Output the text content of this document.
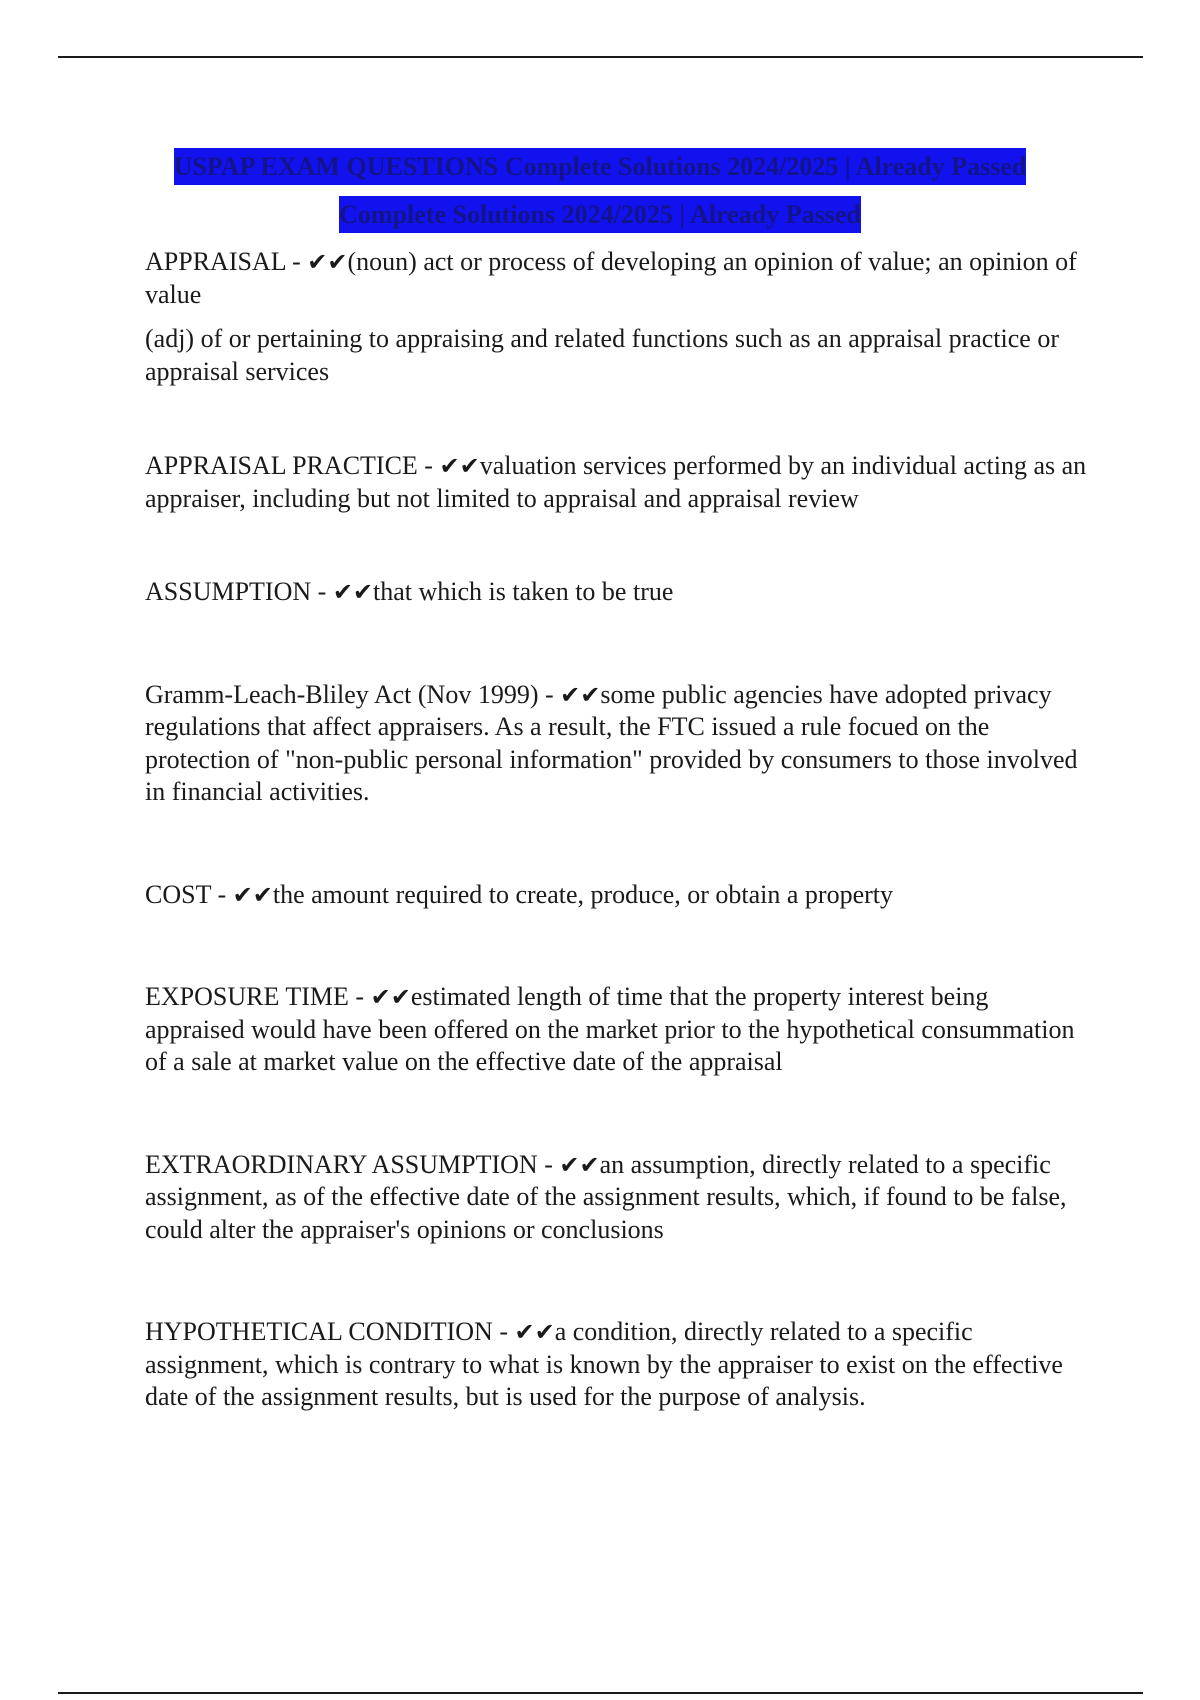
USPAP EXAM QUESTIONS Complete Solutions 2024/2025 | Already Passed
Complete Solutions 2024/2025 | Already Passed

APPRAISAL - ✔✔(noun) act or process of developing an opinion of value; an opinion of value

(adj) of or pertaining to appraising and related functions such as an appraisal practice or appraisal services

APPRAISAL PRACTICE - ✔✔valuation services performed by an individual acting as an appraiser, including but not limited to appraisal and appraisal review

ASSUMPTION - ✔✔that which is taken to be true

Gramm-Leach-Bliley Act (Nov 1999) - ✔✔some public agencies have adopted privacy regulations that affect appraisers. As a result, the FTC issued a rule focued on the protection of "non-public personal information" provided by consumers to those involved in financial activities.

COST - ✔✔the amount required to create, produce, or obtain a property

EXPOSURE TIME - ✔✔estimated length of time that the property interest being appraised would have been offered on the market prior to the hypothetical consummation of a sale at market value on the effective date of the appraisal

EXTRAORDINARY ASSUMPTION - ✔✔an assumption, directly related to a specific assignment, as of the effective date of the assignment results, which, if found to be false, could alter the appraiser's opinions or conclusions

HYPOTHETICAL CONDITION - ✔✔a condition, directly related to a specific assignment, which is contrary to what is known by the appraiser to exist on the effective date of the assignment results, but is used for the purpose of analysis.
